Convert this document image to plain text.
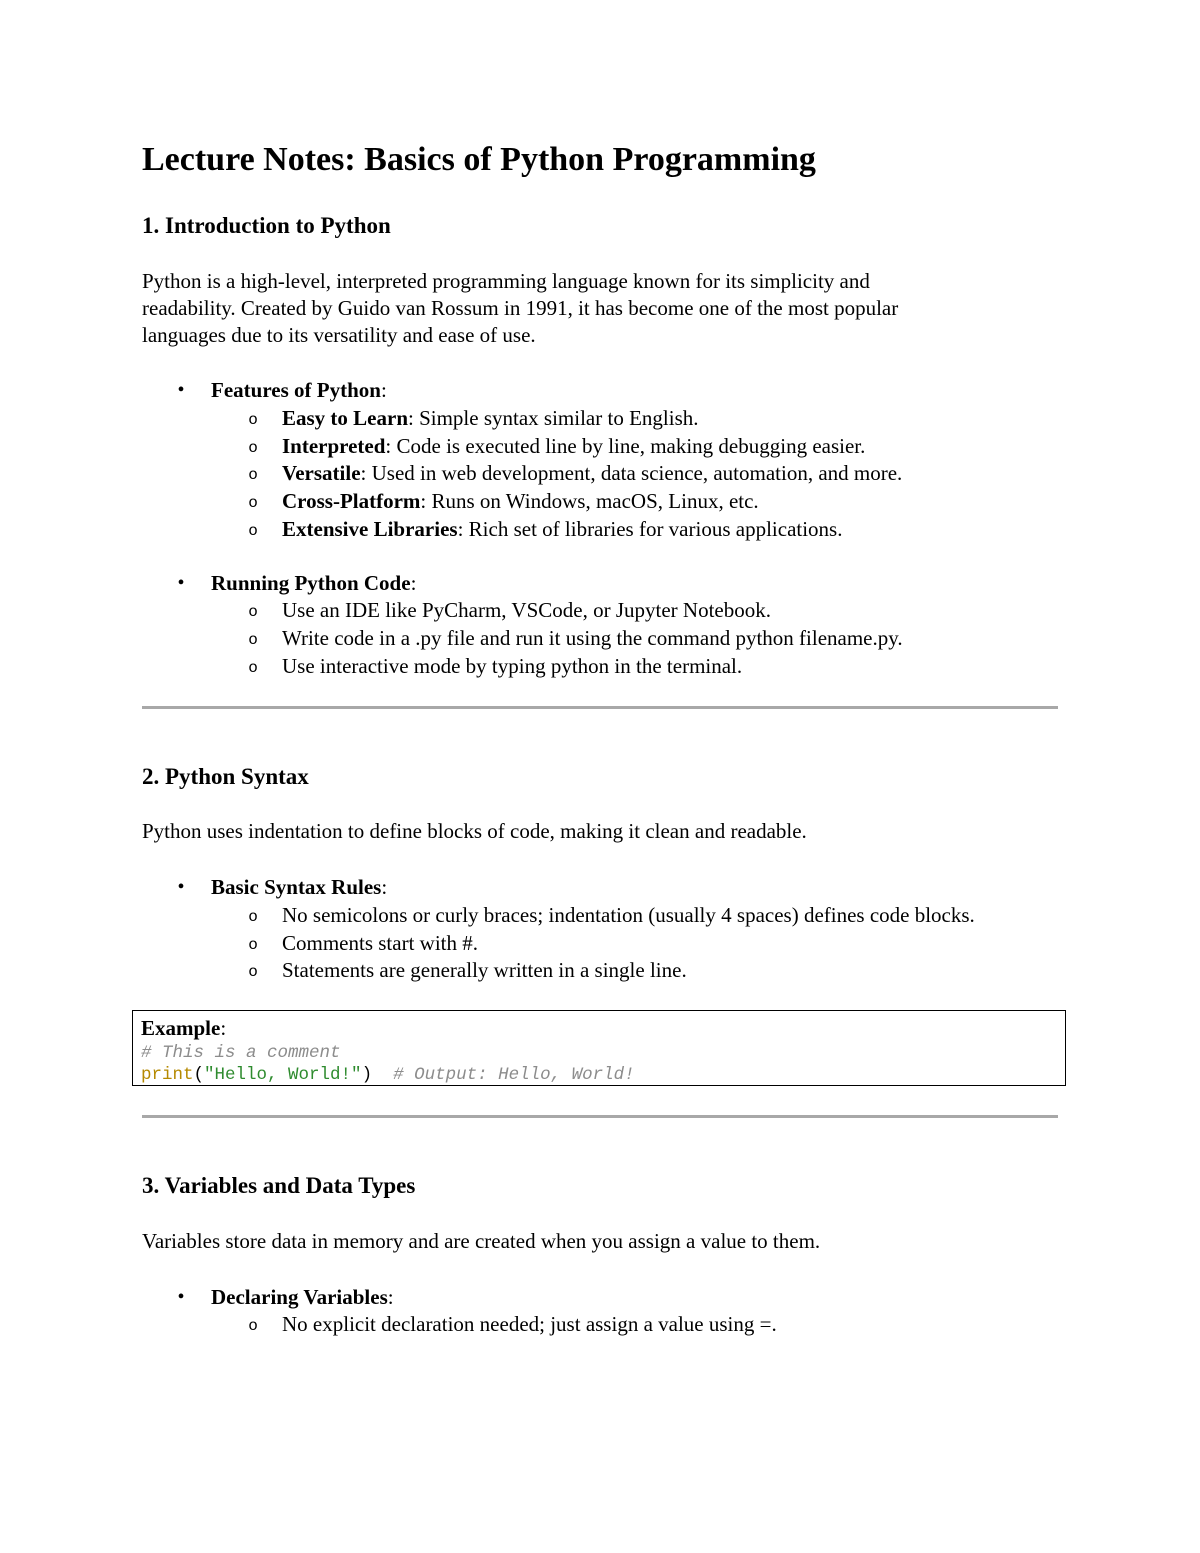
Lecture Notes: Basics of Python Programming
1. Introduction to Python

Python is a high-level, interpreted programming language known for its simplicity and

readability. Created by Guido van Rossum in 1991, it has become one of the most popular

languages due to its versatility and ease of use.

• Features of Python:
o Easy to Learn: Simple syntax similar to English.
o Interpreted: Code is executed line by line, making debugging easier.
o Versatile: Used in web development, data science, automation, and more.
o Cross-Platform: Runs on Windows, macOS, Linux, etc.
o Extensive Libraries: Rich set of libraries for various applications.
• Running Python Code:
o Use an IDE like PyCharm, VSCode, or Jupyter Notebook.
o Write code in a .py file and run it using the command python filename.py.
o Use interactive mode by typing python in the terminal.
2. Python Syntax

Python uses indentation to define blocks of code, making it clean and readable.

• Basic Syntax Rules:
o No semicolons or curly braces; indentation (usually 4 spaces) defines code blocks.
o Comments start with #.
o Statements are generally written in a single line.
Example:
# This is a comment
print("Hello, World!") # Output: Hello, World!
3. Variables and Data Types

Variables store data in memory and are created when you assign a value to them.

• Declaring Variables:
o No explicit declaration needed; just assign a value using =.
